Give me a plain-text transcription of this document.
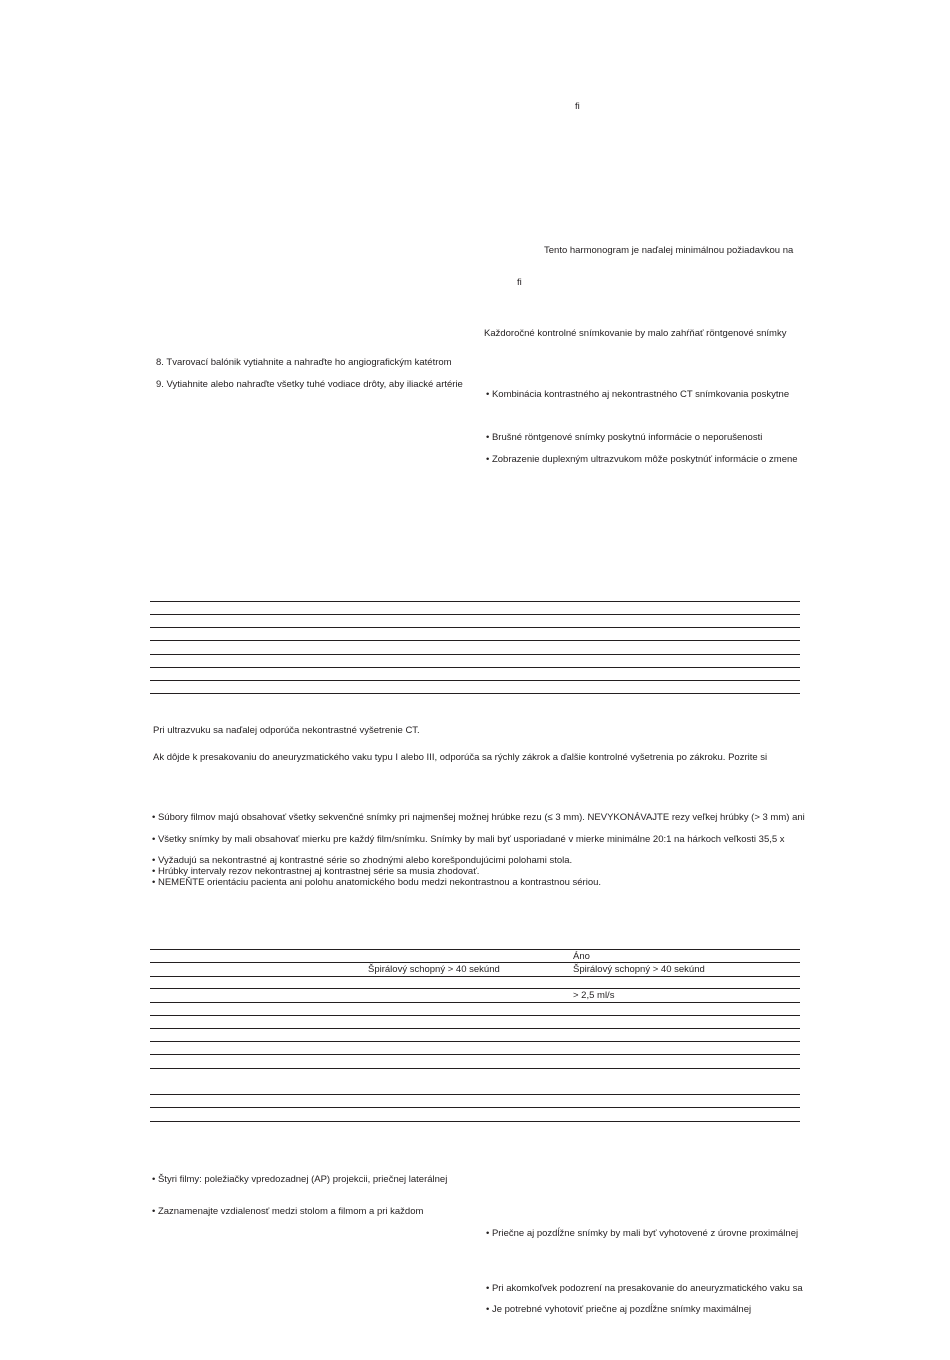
ﬁ

ﬁ

Tento harmonogram je naďalej minimálnou požiadavkou na

Každoročné kontrolné snímkovanie by malo zahŕňať röntgenové snímky

• Kombinácia kontrastného aj nekontrastného CT snímkovania poskytne

• Brušné röntgenové snímky poskytnú informácie o neporušenosti

• Zobrazenie duplexným ultrazvukom môže poskytnúť informácie o zmene

8. Tvarovací balónik vytiahnite a nahraďte ho angiografickým katétrom

9. Vytiahnite alebo nahraďte všetky tuhé vodiace drôty, aby iliacké artérie

Pri ultrazvuku sa naďalej odporúča nekontrastné vyšetrenie CT.

Ak dôjde k presakovaniu do aneuryzmatického vaku typu I alebo III, odporúča sa rýchly zákrok a ďalšie kontrolné vyšetrenia po zákroku. Pozrite si

• Súbory filmov majú obsahovať všetky sekvenčné snímky pri najmenšej možnej hrúbke rezu (≤ 3 mm). NEVYKONÁVAJTE rezy veľkej hrúbky (> 3 mm) ani

• Všetky snímky by mali obsahovať mierku pre každý film/snímku. Snímky by mali byť usporiadané v mierke minimálne 20:1 na hárkoch veľkosti 35,5 x

• Vyžadujú sa nekontrastné aj kontrastné série so zhodnými alebo korešpondujúcimi polohami stola.

• Hrúbky intervaly rezov nekontrastnej aj kontrastnej série sa musia zhodovať.

• NEMEŇTE orientáciu pacienta ani polohu anatomického bodu medzi nekontrastnou a kontrastnou sériou.

Áno
Špirálový schopný > 40 sekúnd	Špirálový schopný > 40 sekúnd
> 2,5 ml/s

• Štyri filmy: poležiačky vpredozadnej (AP) projekcii, priečnej laterálnej

• Zaznamenajte vzdialenosť medzi stolom a filmom a pri každom

• Priečne aj pozdĺžne snímky by mali byť vyhotovené z úrovne proximálnej

• Pri akomkoľvek podozrení na presakovanie do aneuryzmatického vaku sa

• Je potrebné vyhotoviť priečne aj pozdĺžne snímky maximálnej
